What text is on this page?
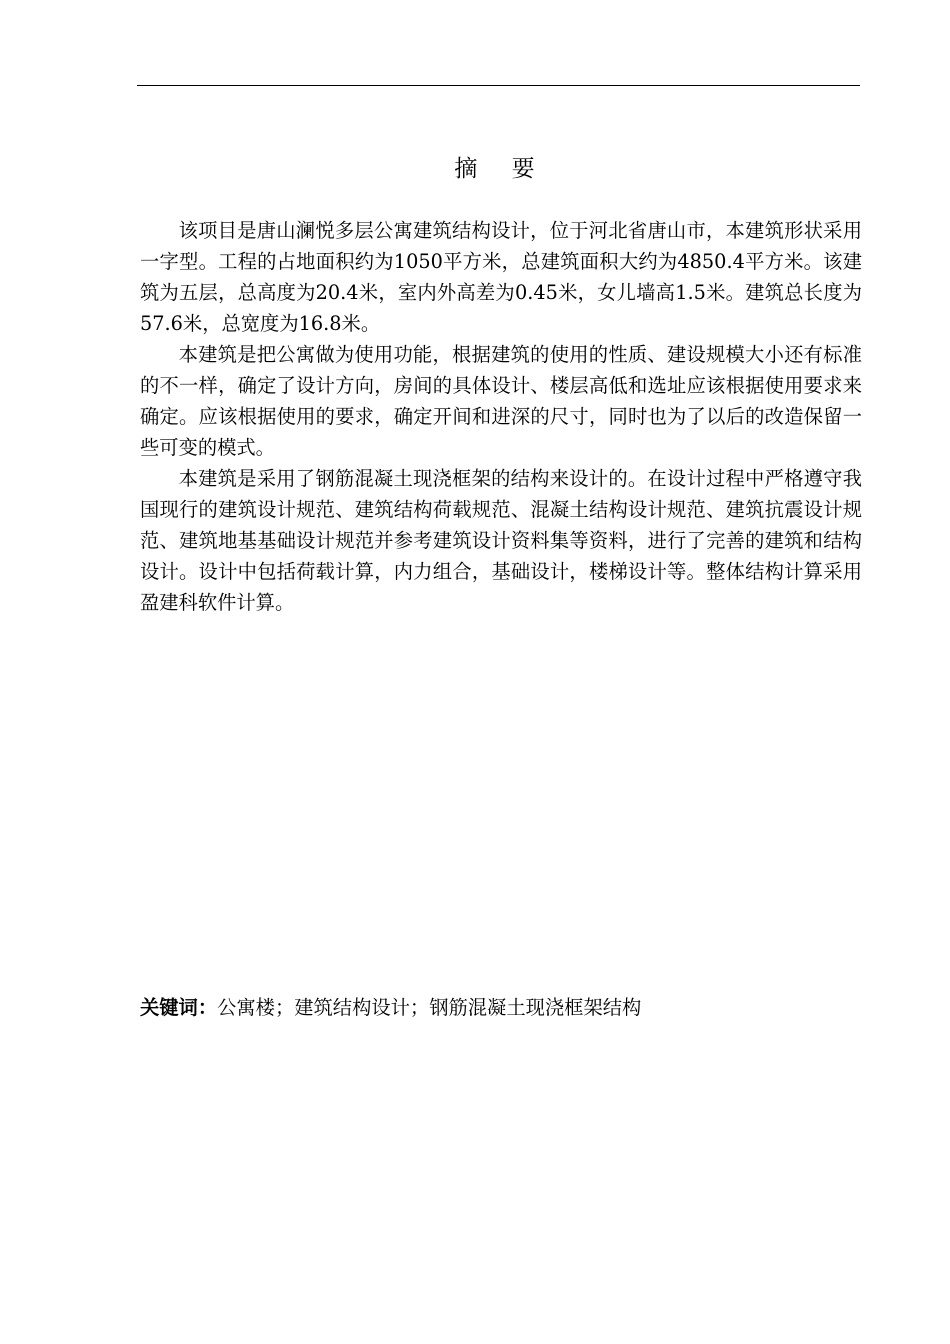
摘    要

该项目是唐山澜悦多层公寓建筑结构设计，位于河北省唐山市，本建筑形状采用一字型。工程的占地面积约为1050平方米，总建筑面积大约为4850.4平方米。该建筑为五层，总高度为20.4米，室内外高差为0.45米，女儿墙高1.5米。建筑总长度为57.6米，总宽度为16.8米。

本建筑是把公寓做为使用功能，根据建筑的使用的性质、建设规模大小还有标准的不一样，确定了设计方向，房间的具体设计、楼层高低和选址应该根据使用要求来确定。应该根据使用的要求，确定开间和进深的尺寸，同时也为了以后的改造保留一些可变的模式。

本建筑是采用了钢筋混凝土现浇框架的结构来设计的。在设计过程中严格遵守我国现行的建筑设计规范、建筑结构荷载规范、混凝土结构设计规范、建筑抗震设计规范、建筑地基基础设计规范并参考建筑设计资料集等资料，进行了完善的建筑和结构设计。设计中包括荷载计算，内力组合，基础设计，楼梯设计等。整体结构计算采用盈建科软件计算。

关键词：公寓楼；建筑结构设计；钢筋混凝土现浇框架结构
